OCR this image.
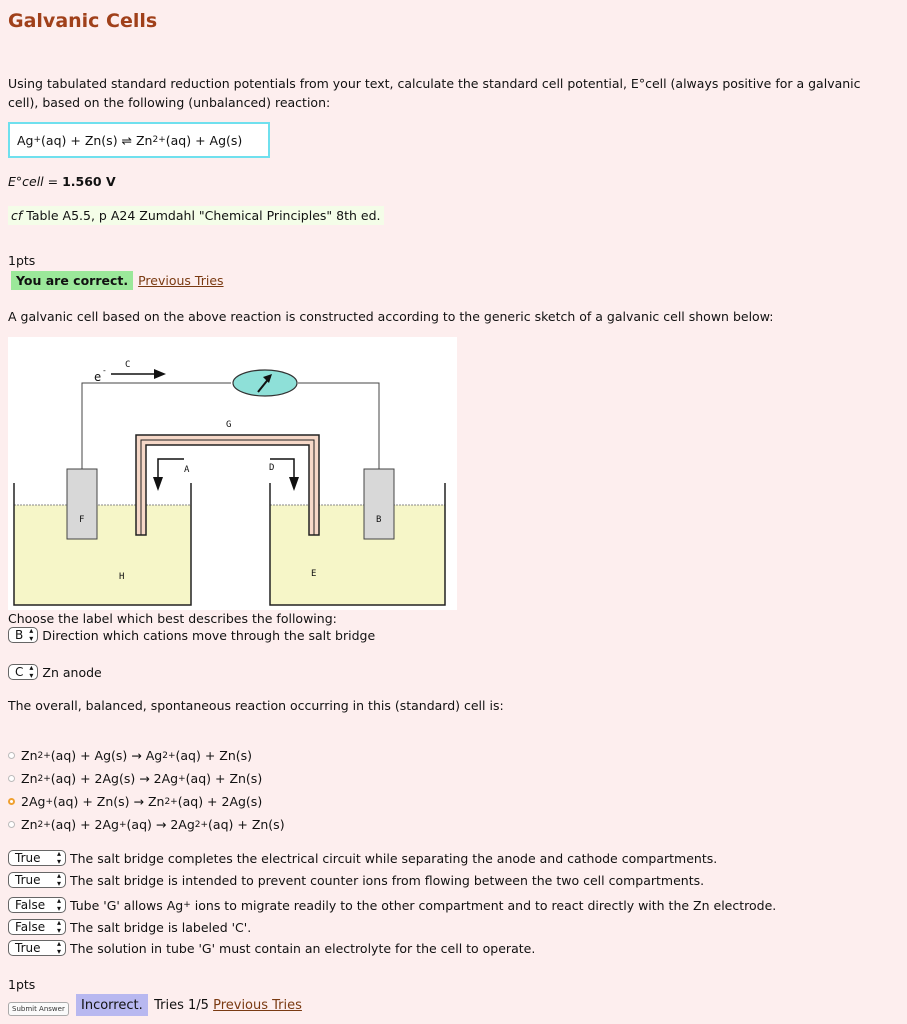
Galvanic Cells
Using tabulated standard reduction potentials from your text, calculate the standard cell potential, E°cell (always positive for a galvanic cell), based on the following (unbalanced) reaction:
Ag + (aq) + Zn(s) ⇌ Zn 2+ (aq) + Ag(s)
E°cell = 1.560 V
cf Table A5.5, p A24 Zumdahl "Chemical Principles" 8th ed.
1pts
You are correct. Previous Tries
A galvanic cell based on the above reaction is constructed according to the generic sketch of a galvanic cell shown below:
C
e -
G
A	D
F	B
H	E
Choose the label which best describes the following:
B ▴
▾ Direction which cations move through the salt bridge
C ▴
▾ Zn anode
The overall, balanced, spontaneous reaction occurring in this (standard) cell is:
Zn 2+ (aq) + Ag(s) → Ag 2+ (aq) + Zn(s)
Zn 2+ (aq) + 2Ag(s) → 2Ag + (aq) + Zn(s)
2Ag + (aq) + Zn(s) → Zn 2+ (aq) + 2Ag(s)
Zn 2+ (aq) + 2Ag + (aq) → 2Ag 2+ (aq) + Zn(s)
True ▴
▾ The salt bridge completes the electrical circuit while separating the anode and cathode compartments.
True ▴
▾ The salt bridge is intended to prevent counter ions from flowing between the two cell compartments.
False ▴
▾ Tube 'G' allows Ag + ions to migrate readily to the other compartment and to react directly with the Zn electrode.
False ▴
▾ The salt bridge is labeled 'C'.
True ▴
▾ The solution in tube 'G' must contain an electrolyte for the cell to operate.
1pts
Submit Answer	Incorrect. Tries 1/5 Previous Tries
